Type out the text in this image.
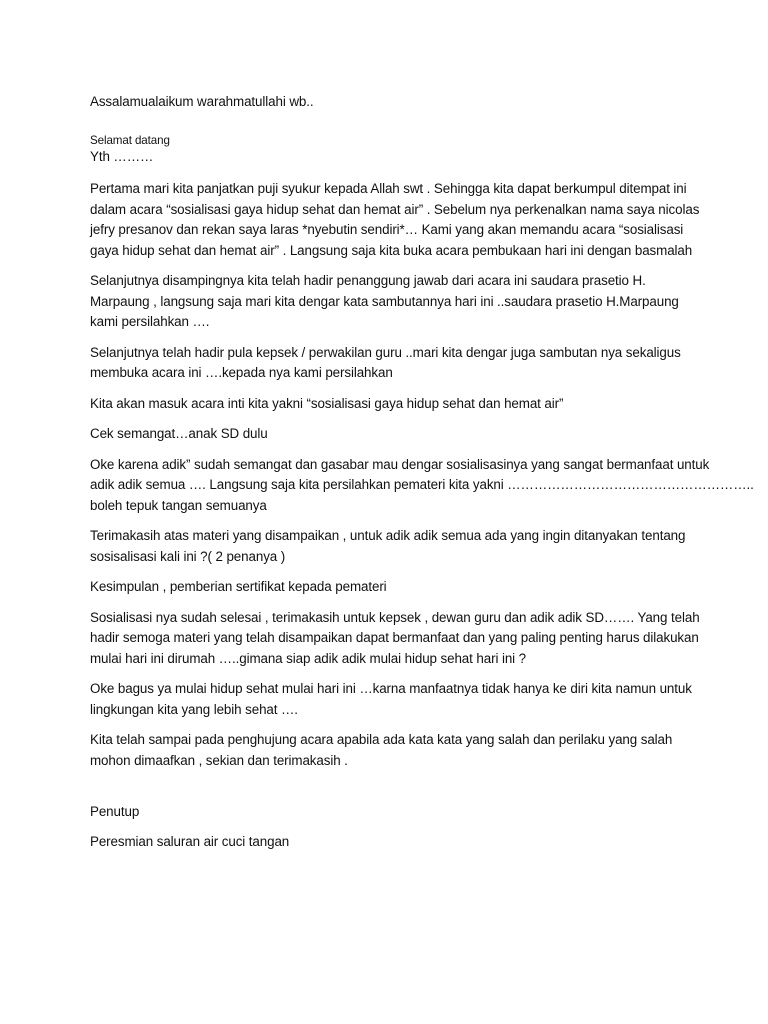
Assalamualaikum warahmatullahi wb..

Selamat datang

Yth ………

Pertama mari kita panjatkan puji syukur kepada Allah swt . Sehingga kita dapat berkumpul ditempat ini

dalam acara “sosialisasi gaya hidup sehat dan hemat air” . Sebelum nya perkenalkan nama saya nicolas

jefry presanov dan rekan saya laras *nyebutin sendiri*… Kami yang akan memandu acara “sosialisasi

gaya hidup sehat dan hemat air” . Langsung saja kita buka acara pembukaan hari ini dengan basmalah

Selanjutnya disampingnya kita telah hadir penanggung jawab dari acara ini saudara prasetio H.

Marpaung , langsung saja mari kita dengar kata sambutannya hari ini ..saudara prasetio H.Marpaung

kami persilahkan ….

Selanjutnya telah hadir pula kepsek / perwakilan guru ..mari kita dengar juga sambutan nya sekaligus

membuka acara ini ….kepada nya kami persilahkan

Kita akan masuk acara inti kita yakni “sosialisasi gaya hidup sehat dan hemat air”

Cek semangat…anak SD dulu

Oke karena adik” sudah semangat dan gasabar mau dengar sosialisasinya yang sangat bermanfaat untuk

adik adik semua …. Langsung saja kita persilahkan pemateri kita yakni ………………………………………………..

boleh tepuk tangan semuanya

Terimakasih atas materi yang disampaikan , untuk adik adik semua ada yang ingin ditanyakan tentang

sosisalisasi kali ini ?( 2 penanya )

Kesimpulan , pemberian sertifikat kepada pemateri

Sosialisasi nya sudah selesai , terimakasih untuk kepsek , dewan guru dan adik adik SD……. Yang telah

hadir semoga materi yang telah disampaikan dapat bermanfaat dan yang paling penting harus dilakukan

mulai hari ini dirumah …..gimana siap adik adik mulai hidup sehat hari ini ?

Oke bagus ya mulai hidup sehat mulai hari ini …karna manfaatnya tidak hanya ke diri kita namun untuk

lingkungan kita yang lebih sehat ….

Kita telah sampai pada penghujung acara apabila ada kata kata yang salah dan perilaku yang salah

mohon dimaafkan , sekian dan terimakasih .

Penutup

Peresmian saluran air cuci tangan
